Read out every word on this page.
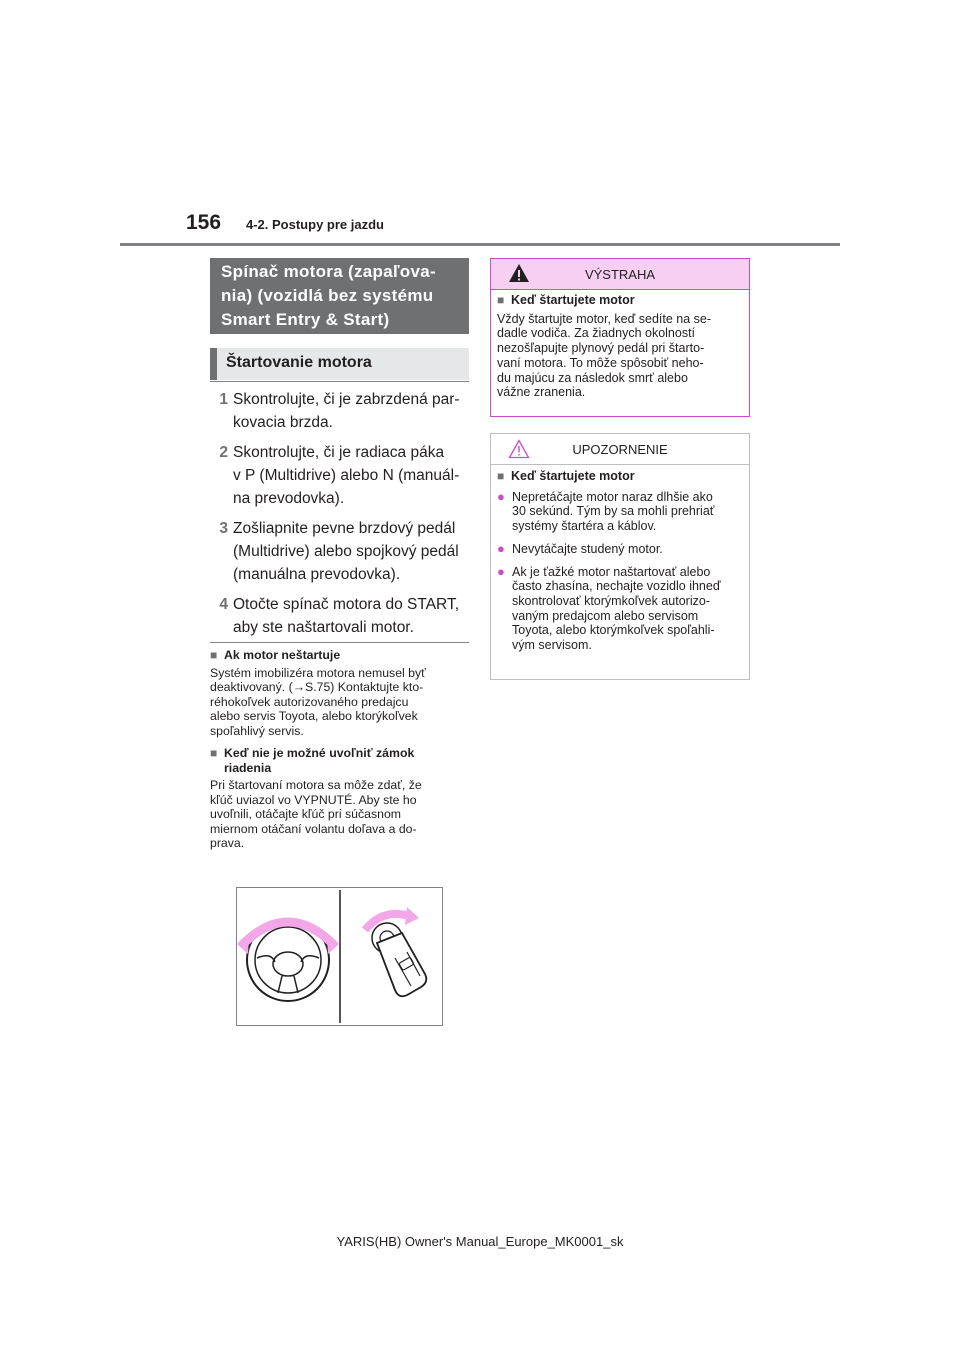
156 4-2. Postupy pre jazdu
Spínač motora (zapaľova-
nia) (vozidlá bez systému
Smart Entry & Start)
Štartovanie motora
1 Skontrolujte, či je zabrzdená par-
kovacia brzda.
2 Skontrolujte, či je radiaca páka
v P (Multidrive) alebo N (manuál-
na prevodovka).
3 Zošliapnite pevne brzdový pedál
(Multidrive) alebo spojkový pedál
(manuálna prevodovka).
4 Otočte spínač motora do START,
aby ste naštartovali motor.
■ Ak motor neštartuje
Systém imobilizéra motora nemusel byť
deaktivovaný. (→S.75) Kontaktujte kto-
réhokoľvek autorizovaného predajcu
alebo servis Toyota, alebo ktorýkoľvek
spoľahlivý servis.
■ Keď nie je možné uvoľniť zámok
riadenia
Pri štartovaní motora sa môže zdať, že
kľúč uviazol vo VYPNUTÉ. Aby ste ho
uvoľnili, otáčajte kľúč pri súčasnom
miernom otáčaní volantu doľava a do-
prava.
VÝSTRAHA
■ Keď štartujete motor
Vždy štartujte motor, keď sedíte na se-
dadle vodiča. Za žiadnych okolností
nezošľapujte plynový pedál pri štarto-
vaní motora. To môže spôsobiť neho-
du majúcu za následok smrť alebo
vážne zranenia.
UPOZORNENIE
■ Keď štartujete motor
● Nepretáčajte motor naraz dlhšie ako
30 sekúnd. Tým by sa mohli prehriať
systémy štartéra a káblov.
● Nevytáčajte studený motor.
● Ak je ťažké motor naštartovať alebo
často zhasína, nechajte vozidlo ihneď
skontrolovať ktorýmkoľvek autorizo-
vaným predajcom alebo servisom
Toyota, alebo ktorýmkoľvek spoľahli-
vým servisom.
YARIS(HB) Owner's Manual_Europe_MK0001_sk
